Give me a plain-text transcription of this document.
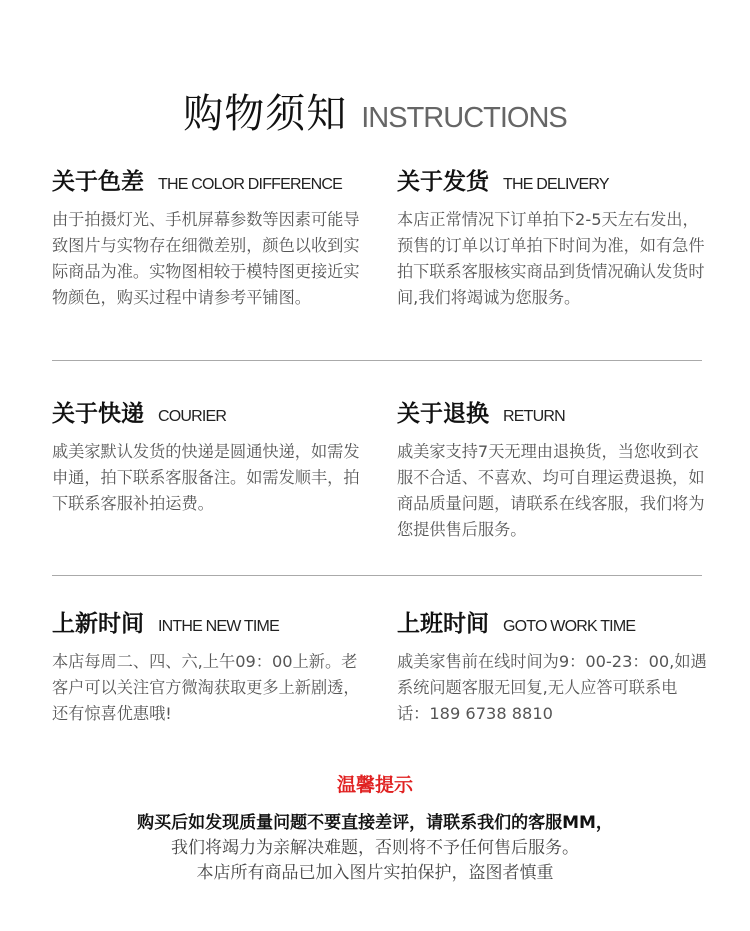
购物须知 INSTRUCTIONS
关于色差 THE COLOR DIFFERENCE
由于拍摄灯光、手机屏幕参数等因素可能导致图片与实物存在细微差别，颜色以收到实际商品为准。实物图相较于模特图更接近实物颜色，购买过程中请参考平铺图。
关于发货 THE DELIVERY
本店正常情况下订单拍下2-5天左右发出，预售的订单以订单拍下时间为准，如有急件拍下联系客服核实商品到货情况确认发货时间,我们将竭诚为您服务。
关于快递 COURIER
戚美家默认发货的快递是圆通快递，如需发申通，拍下联系客服备注。如需发顺丰，拍下联系客服补拍运费。
关于退换 RETURN
戚美家支持7天无理由退换货，当您收到衣服不合适、不喜欢、均可自理运费退换，如商品质量问题，请联系在线客服，我们将为您提供售后服务。
上新时间 INTHE NEW TIME
本店每周二、四、六,上午09：00上新。老客户可以关注官方微淘获取更多上新剧透，还有惊喜优惠哦!
上班时间 GOTO WORK TIME
戚美家售前在线时间为9：00-23：00,如遇系统问题客服无回复,无人应答可联系电话：189 6738 8810
温馨提示
购买后如发现质量问题不要直接差评，请联系我们的客服MM，
我们将竭力为亲解决难题，否则将不予任何售后服务。
本店所有商品已加入图片实拍保护，盗图者慎重
